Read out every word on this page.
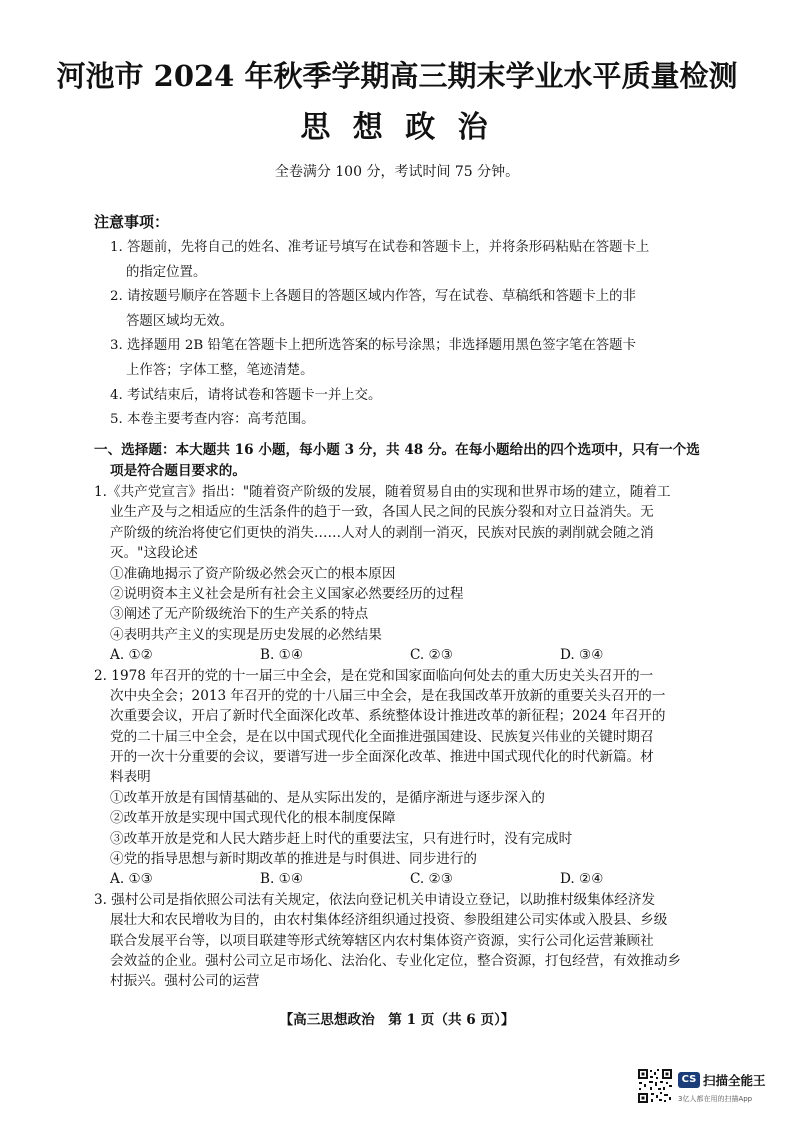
河池市 2024 年秋季学期高三期末学业水平质量检测
思 想 政 治
全卷满分 100 分，考试时间 75 分钟。
注意事项：
1. 答题前，先将自己的姓名、准考证号填写在试卷和答题卡上，并将条形码粘贴在答题卡上
的指定位置。
2. 请按题号顺序在答题卡上各题目的答题区域内作答，写在试卷、草稿纸和答题卡上的非
答题区域均无效。
3. 选择题用 2B 铅笔在答题卡上把所选答案的标号涂黑；非选择题用黑色签字笔在答题卡
上作答；字体工整，笔迹清楚。
4. 考试结束后，请将试卷和答题卡一并上交。
5. 本卷主要考查内容：高考范围。
一、选择题：本大题共 16 小题，每小题 3 分，共 48 分。在每小题给出的四个选项中，只有一个选
项是符合题目要求的。
1.《共产党宣言》指出："随着资产阶级的发展，随着贸易自由的实现和世界市场的建立，随着工
业生产及与之相适应的生活条件的趋于一致，各国人民之间的民族分裂和对立日益消失。无
产阶级的统治将使它们更快的消失……人对人的剥削一消灭，民族对民族的剥削就会随之消
灭。"这段论述
①准确地揭示了资产阶级必然会灭亡的根本原因
②说明资本主义社会是所有社会主义国家必然要经历的过程
③阐述了无产阶级统治下的生产关系的特点
④表明共产主义的实现是历史发展的必然结果
A. ①②	B. ①④	C. ②③	D. ③④
2. 1978 年召开的党的十一届三中全会，是在党和国家面临向何处去的重大历史关头召开的一
次中央全会；2013 年召开的党的十八届三中全会，是在我国改革开放新的重要关头召开的一
次重要会议，开启了新时代全面深化改革、系统整体设计推进改革的新征程；2024 年召开的
党的二十届三中全会，是在以中国式现代化全面推进强国建设、民族复兴伟业的关键时期召
开的一次十分重要的会议，要谱写进一步全面深化改革、推进中国式现代化的时代新篇。材
料表明
①改革开放是有国情基础的、是从实际出发的，是循序渐进与逐步深入的
②改革开放是实现中国式现代化的根本制度保障
③改革开放是党和人民大踏步赶上时代的重要法宝，只有进行时，没有完成时
④党的指导思想与新时期改革的推进是与时俱进、同步进行的
A. ①③	B. ①④	C. ②③	D. ②④
3. 强村公司是指依照公司法有关规定，依法向登记机关申请设立登记，以助推村级集体经济发
展壮大和农民增收为目的，由农村集体经济组织通过投资、参股组建公司实体或入股县、乡级
联合发展平台等，以项目联建等形式统筹辖区内农村集体资产资源，实行公司化运营兼顾社
会效益的企业。强村公司立足市场化、法治化、专业化定位，整合资源，打包经营，有效推动乡
村振兴。强村公司的运营
【高三思想政治　第 1 页（共 6 页）】
CS 扫描全能王
3亿人都在用的扫描App
